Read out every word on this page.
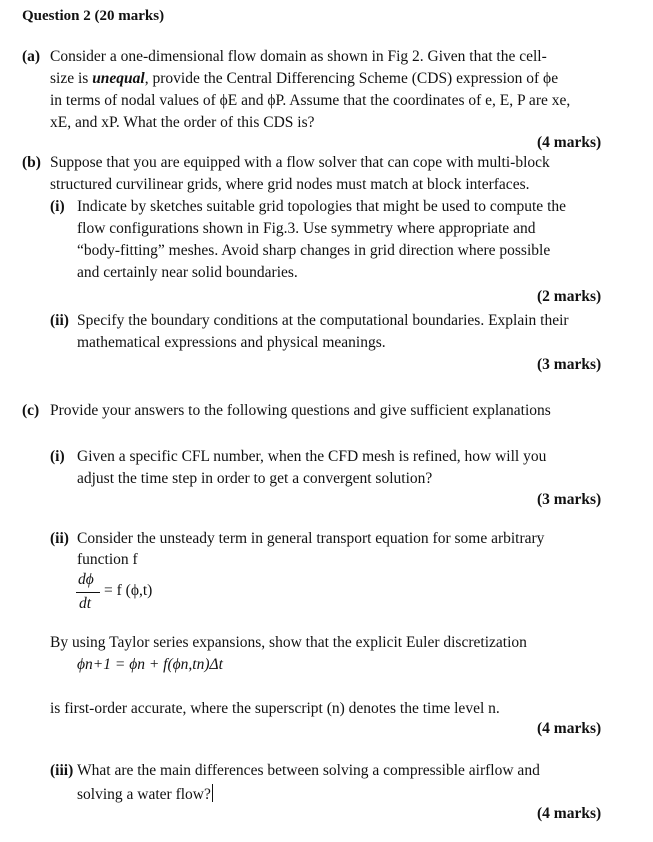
Question 2 (20 marks)
(a) Consider a one-dimensional flow domain as shown in Fig 2. Given that the cell-
size is unequal, provide the Central Differencing Scheme (CDS) expression of ϕe
in terms of nodal values of ϕE and ϕP. Assume that the coordinates of e, E, P are xe,
xE, and xP. What the order of this CDS is?
(4 marks)
(b) Suppose that you are equipped with a flow solver that can cope with multi-block
structured curvilinear grids, where grid nodes must match at block interfaces.
(i) Indicate by sketches suitable grid topologies that might be used to compute the
flow configurations shown in Fig.3. Use symmetry where appropriate and
“body-fitting” meshes. Avoid sharp changes in grid direction where possible
and certainly near solid boundaries.
(2 marks)
(ii) Specify the boundary conditions at the computational boundaries. Explain their
mathematical expressions and physical meanings.
(3 marks)
(c) Provide your answers to the following questions and give sufficient explanations
(i) Given a specific CFL number, when the CFD mesh is refined, how will you
adjust the time step in order to get a convergent solution?
(3 marks)
(ii) Consider the unsteady term in general transport equation for some arbitrary
function f
dϕ
dt
= f (ϕ,t)
By using Taylor series expansions, show that the explicit Euler discretization
ϕn+1 = ϕn + f(ϕn,tn)Δt
is first-order accurate, where the superscript (n) denotes the time level n.
(4 marks)
(iii) What are the main differences between solving a compressible airflow and
solving a water flow?
(4 marks)
